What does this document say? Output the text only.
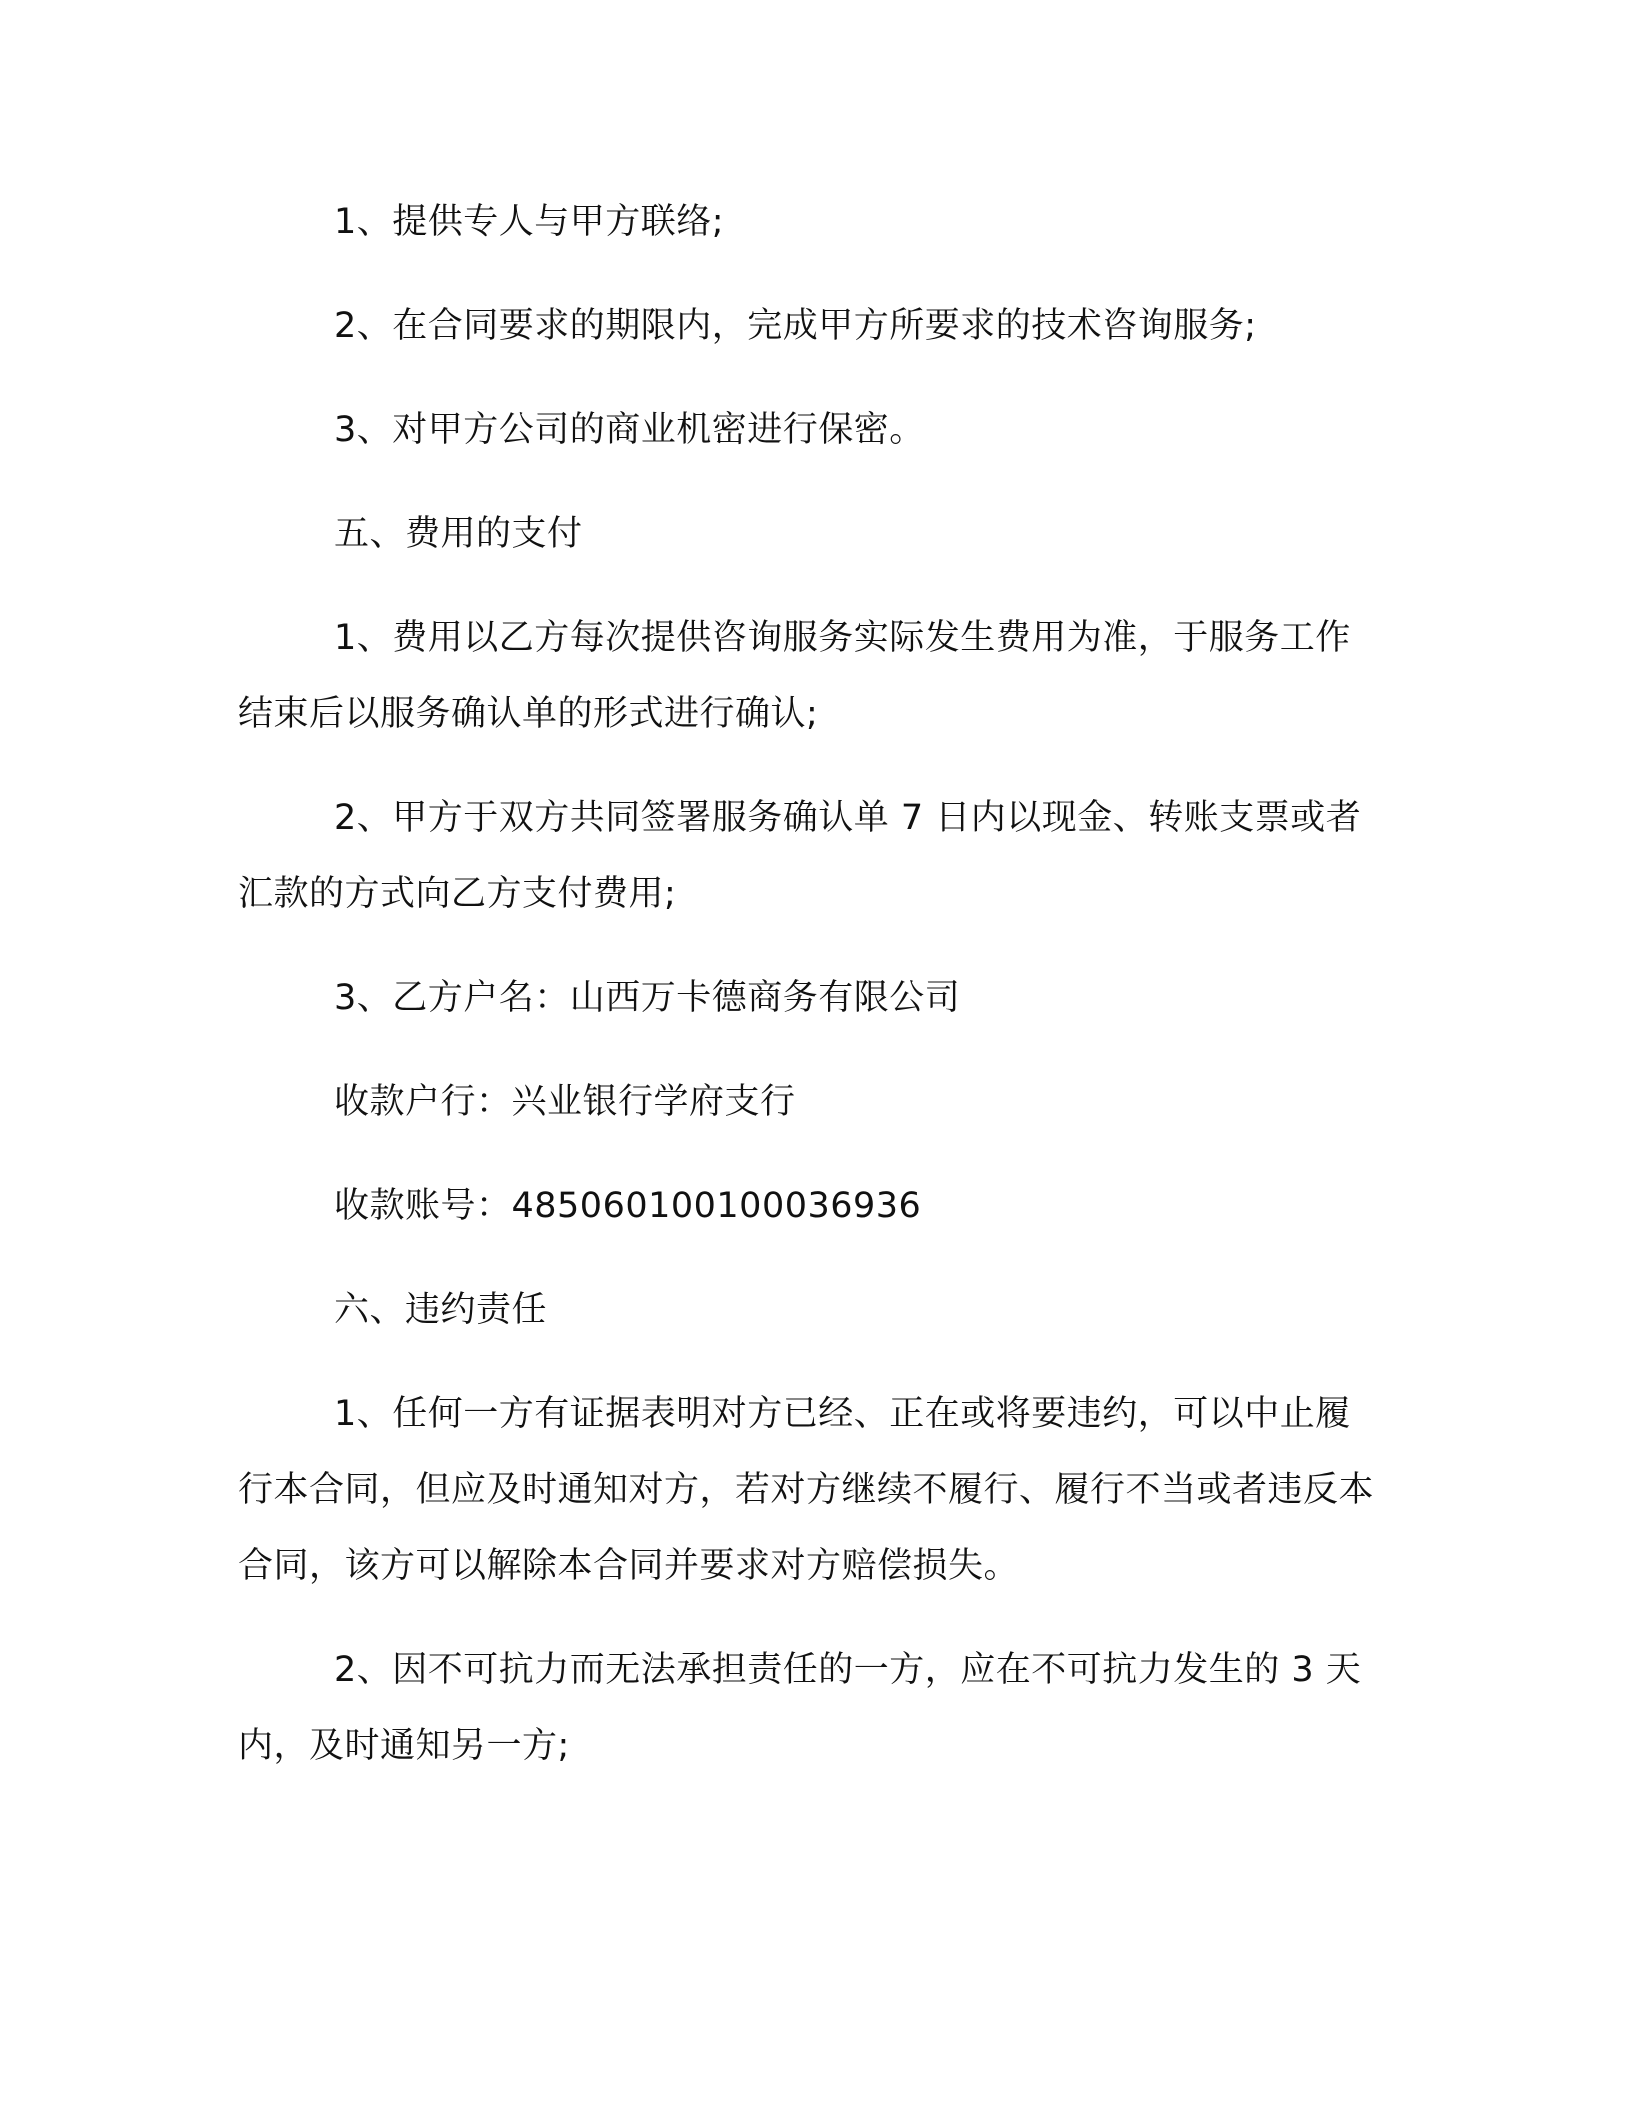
1、提供专人与甲方联络;

2、在合同要求的期限内，完成甲方所要求的技术咨询服务;

3、对甲方公司的商业机密进行保密。

五、费用的支付

1、费用以乙方每次提供咨询服务实际发生费用为准，于服务工作结束后以服务确认单的形式进行确认;

2、甲方于双方共同签署服务确认单 7 日内以现金、转账支票或者汇款的方式向乙方支付费用;

3、乙方户名：山西万卡德商务有限公司

收款户行：兴业银行学府支行

收款账号：485060100100036936

六、违约责任

1、任何一方有证据表明对方已经、正在或将要违约，可以中止履行本合同，但应及时通知对方，若对方继续不履行、履行不当或者违反本合同，该方可以解除本合同并要求对方赔偿损失。

2、因不可抗力而无法承担责任的一方，应在不可抗力发生的 3 天内，及时通知另一方;
